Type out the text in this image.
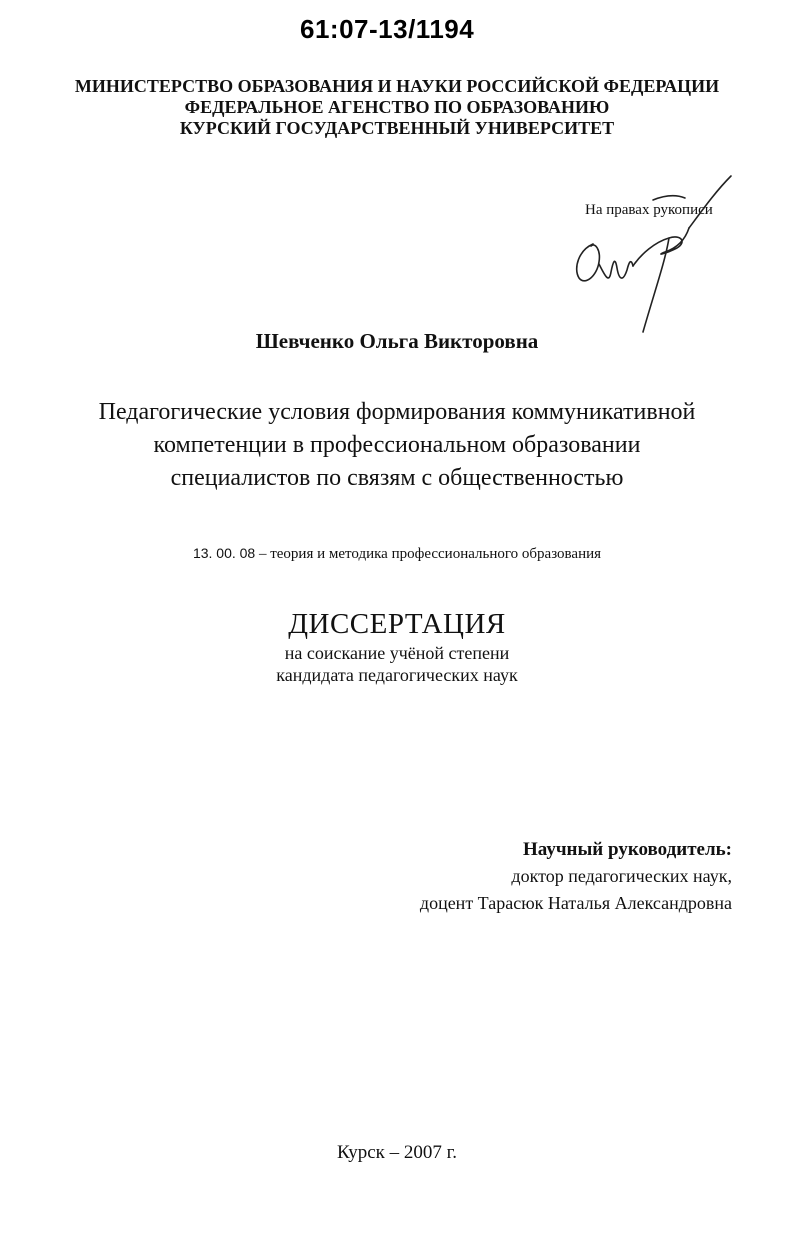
61:07-13/1194
МИНИСТЕРСТВО ОБРАЗОВАНИЯ И НАУКИ РОССИЙСКОЙ ФЕДЕРАЦИИ
ФЕДЕРАЛЬНОЕ АГЕНСТВО ПО ОБРАЗОВАНИЮ
КУРСКИЙ ГОСУДАРСТВЕННЫЙ УНИВЕРСИТЕТ
На правах рукописи
Шевченко Ольга Викторовна
Педагогические условия формирования коммуникативной
компетенции в профессиональном образовании
специалистов по связям с общественностью
13. 00. 08 – теория и методика профессионального образования
ДИССЕРТАЦИЯ
на соискание учёной степени
кандидата педагогических наук
Научный руководитель:
доктор педагогических наук,
доцент Тарасюк Наталья Александровна
Курск – 2007 г.
